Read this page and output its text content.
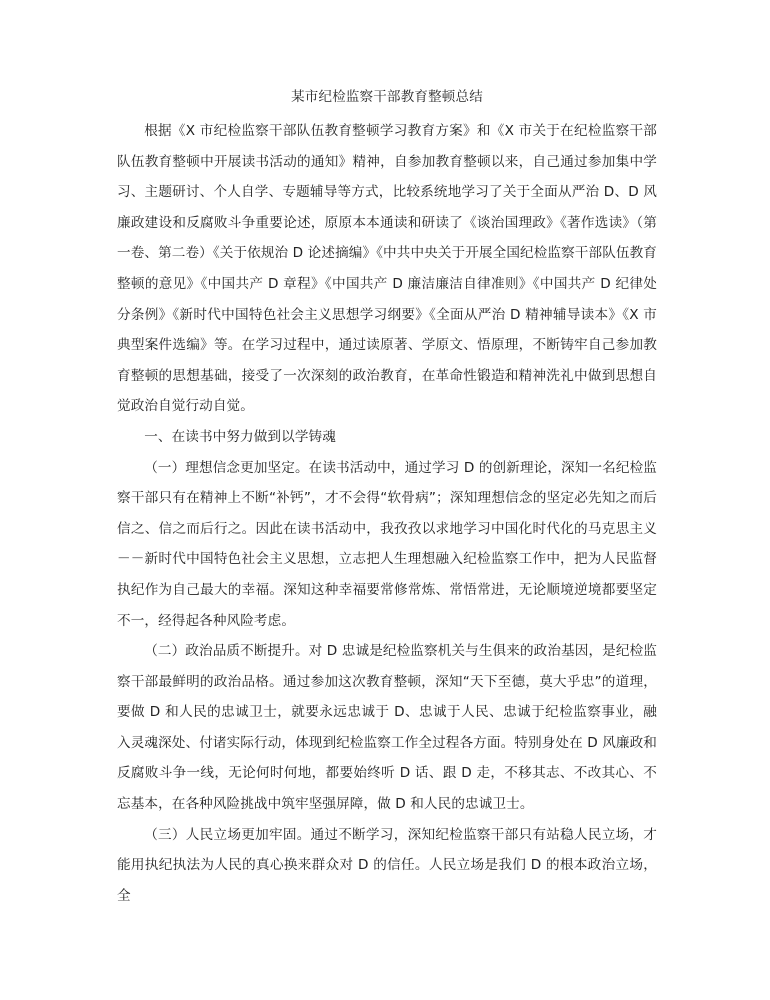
某市纪检监察干部教育整顿总结

根据《X 市纪检监察干部队伍教育整顿学习教育方案》和《X 市关于在纪检监察干部队伍教育整顿中开展读书活动的通知》精神，自参加教育整顿以来，自己通过参加集中学习、主题研讨、个人自学、专题辅导等方式，比较系统地学习了关于全面从严治 D、D 风廉政建设和反腐败斗争重要论述，原原本本通读和研读了《谈治国理政》《著作选读》（第一卷、第二卷）《关于依规治 D 论述摘编》《中共中央关于开展全国纪检监察干部队伍教育整顿的意见》《中国共产 D 章程》《中国共产 D 廉洁廉洁自律准则》《中国共产 D 纪律处分条例》《新时代中国特色社会主义思想学习纲要》《全面从严治 D 精神辅导读本》《X 市典型案件选编》等。在学习过程中，通过读原著、学原文、悟原理，不断铸牢自己参加教育整顿的思想基础，接受了一次深刻的政治教育，在革命性锻造和精神洗礼中做到思想自觉政治自觉行动自觉。

一、在读书中努力做到以学铸魂

（一）理想信念更加坚定。在读书活动中，通过学习 D 的创新理论，深知一名纪检监察干部只有在精神上不断“补钙”，才不会得“软骨病”；深知理想信念的坚定必先知之而后信之、信之而后行之。因此在读书活动中，我孜孜以求地学习中国化时代化的马克思主义－－新时代中国特色社会主义思想，立志把人生理想融入纪检监察工作中，把为人民监督执纪作为自己最大的幸福。深知这种幸福要常修常炼、常悟常进，无论顺境逆境都要坚定不一，经得起各种风险考虑。

（二）政治品质不断提升。对 D 忠诚是纪检监察机关与生俱来的政治基因，是纪检监察干部最鲜明的政治品格。通过参加这次教育整顿，深知“天下至德，莫大乎忠”的道理，要做 D 和人民的忠诚卫士，就要永远忠诚于 D、忠诚于人民、忠诚于纪检监察事业，融入灵魂深处、付诸实际行动，体现到纪检监察工作全过程各方面。特别身处在 D 风廉政和反腐败斗争一线，无论何时何地，都要始终听 D 话、跟 D 走，不移其志、不改其心、不忘基本，在各种风险挑战中筑牢坚强屏障，做 D 和人民的忠诚卫士。

（三）人民立场更加牢固。通过不断学习，深知纪检监察干部只有站稳人民立场，才能用执纪执法为人民的真心换来群众对 D 的信任。人民立场是我们 D 的根本政治立场，全
